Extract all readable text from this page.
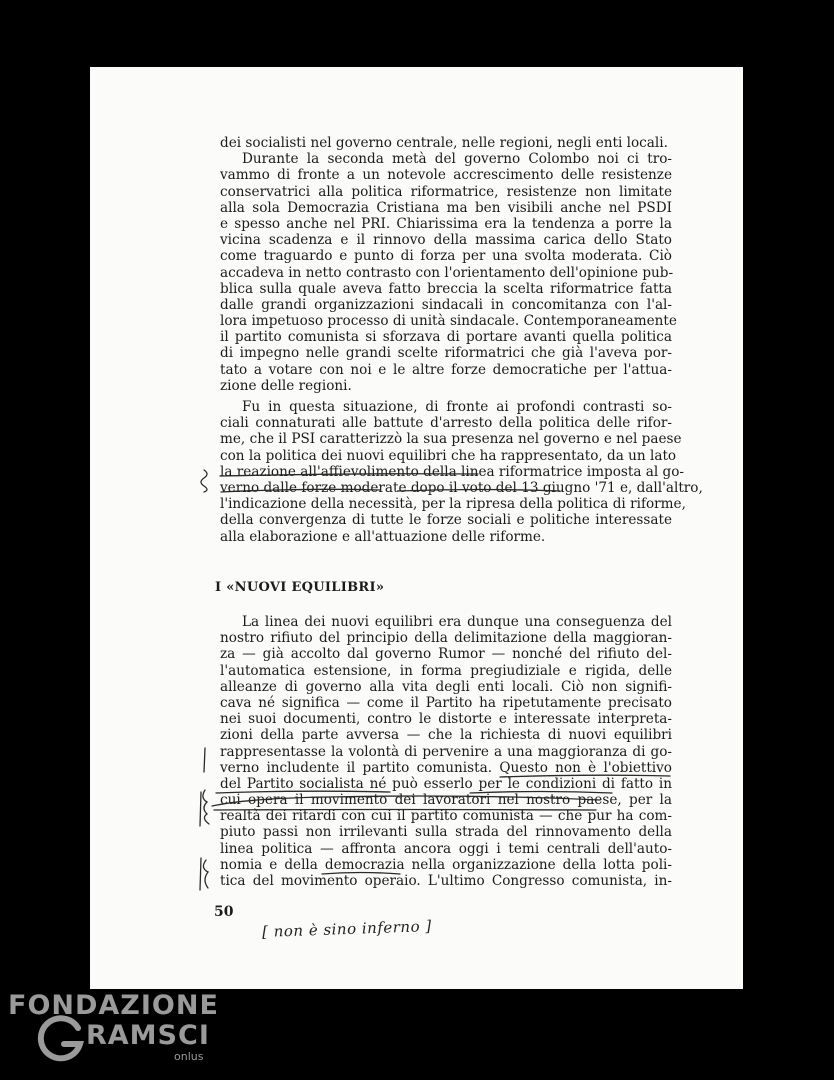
dei socialisti nel governo centrale, nelle regioni, negli enti locali.
Durante la seconda metà del governo Colombo noi ci tro-
vammo di fronte a un notevole accrescimento delle resistenze
conservatrici alla politica riformatrice, resistenze non limitate
alla sola Democrazia Cristiana ma ben visibili anche nel PSDI
e spesso anche nel PRI. Chiarissima era la tendenza a porre la
vicina scadenza e il rinnovo della massima carica dello Stato
come traguardo e punto di forza per una svolta moderata. Ciò
accadeva in netto contrasto con l'orientamento dell'opinione pub-
blica sulla quale aveva fatto breccia la scelta riformatrice fatta
dalle grandi organizzazioni sindacali in concomitanza con l'al-
lora impetuoso processo di unità sindacale. Contemporaneamente
il partito comunista si sforzava di portare avanti quella politica
di impegno nelle grandi scelte riformatrici che già l'aveva por-
tato a votare con noi e le altre forze democratiche per l'attua-
zione delle regioni.
Fu in questa situazione, di fronte ai profondi contrasti so-
ciali connaturati alle battute d'arresto della politica delle rifor-
me, che il PSI caratterizzò la sua presenza nel governo e nel paese
con la politica dei nuovi equilibri che ha rappresentato, da un lato
la reazione all'affievolimento della linea riformatrice imposta al go-
verno dalle forze moderate dopo il voto del 13 giugno '71 e, dall'altro,
l'indicazione della necessità, per la ripresa della politica di riforme,
della convergenza di tutte le forze sociali e politiche interessate
alla elaborazione e all'attuazione delle riforme.
I «NUOVI EQUILIBRI»
La linea dei nuovi equilibri era dunque una conseguenza del
nostro rifiuto del principio della delimitazione della maggioran-
za — già accolto dal governo Rumor — nonché del rifiuto del-
l'automatica estensione, in forma pregiudiziale e rigida, delle
alleanze di governo alla vita degli enti locali. Ciò non signifi-
cava né significa — come il Partito ha ripetutamente precisato
nei suoi documenti, contro le distorte e interessate interpreta-
zioni della parte avversa — che la richiesta di nuovi equilibri
rappresentasse la volontà di pervenire a una maggioranza di go-
verno includente il partito comunista. Questo non è l'obiettivo
del Partito socialista né può esserlo per le condizioni di fatto in
cui opera il movimento dei lavoratori nel nostro paese, per la
realtà dei ritardi con cui il partito comunista — che pur ha com-
piuto passi non irrilevanti sulla strada del rinnovamento della
linea politica — affronta ancora oggi i temi centrali dell'auto-
nomia e della democrazia nella organizzazione della lotta poli-
tica del movimento operaio. L'ultimo Congresso comunista, in-
50
[ non è sino inferno ]
FONDAZIONE
RAMSCI
onlus
